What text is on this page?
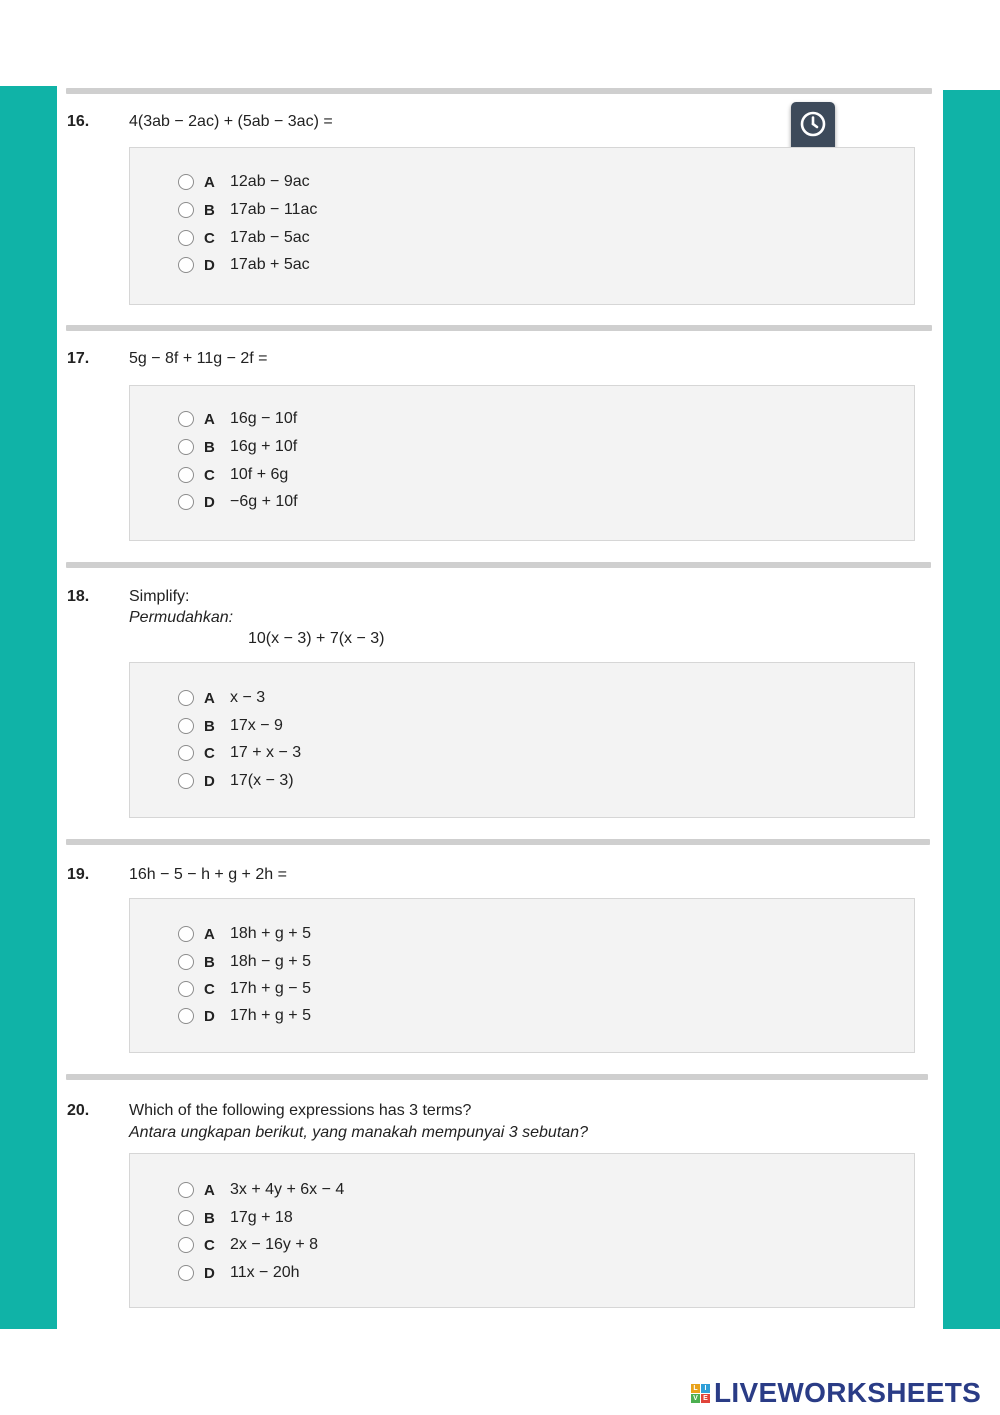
16. 4(3ab − 2ac) + (5ab − 3ac) =
A 12ab − 9ac
B 17ab − 11ac
C 17ab − 5ac
D 17ab + 5ac
17. 5g − 8f + 11g − 2f =
A 16g − 10f
B 16g + 10f
C 10f + 6g
D −6g + 10f
18. Simplify:
Permudahkan:
10(x − 3) + 7(x − 3)
A x − 3
B 17x − 9
C 17 + x − 3
D 17(x − 3)
19. 16h − 5 − h + g + 2h =
A 18h + g + 5
B 18h − g + 5
C 17h + g − 5
D 17h + g + 5
20. Which of the following expressions has 3 terms?
Antara ungkapan berikut, yang manakah mempunyai 3 sebutan?
A 3x + 4y + 6x − 4
B 17g + 18
C 2x − 16y + 8
D 11x − 20h
L I
V E LIVEWORKSHEETS
